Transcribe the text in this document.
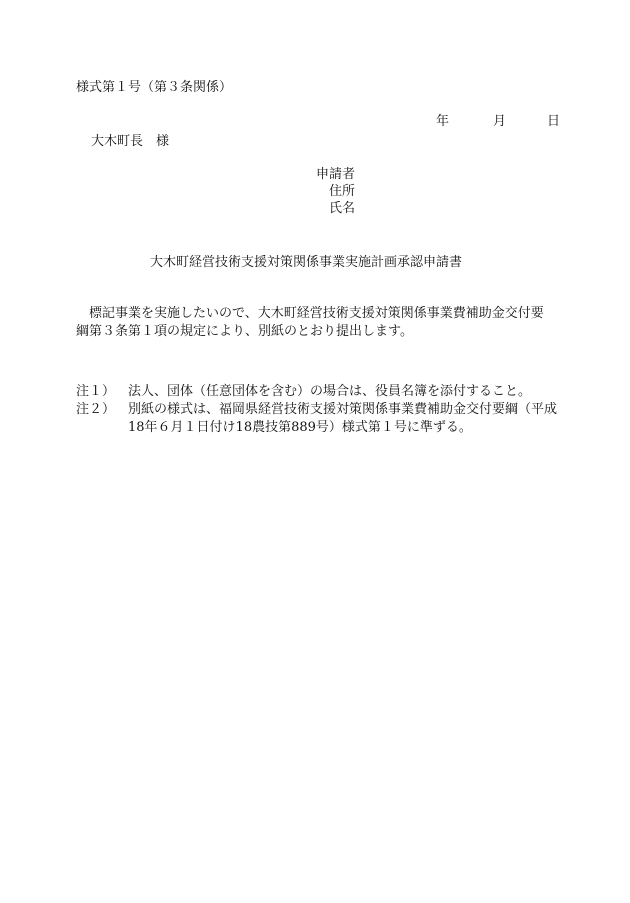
様式第１号（第３条関係）
年	月	日
大木町長　様
申請者
住所
氏名
大木町経営技術支援対策関係事業実施計画承認申請書
　標記事業を実施したいので、大木町経営技術支援対策関係事業費補助金交付要
綱第３条第１項の規定により、別紙のとおり提出します。
注１） 法人、団体（任意団体を含む）の場合は、役員名簿を添付すること。
注２） 別紙の様式は、福岡県経営技術支援対策関係事業費補助金交付要綱（平成18年６月１日付け18農技第889号）様式第１号に準ずる。
